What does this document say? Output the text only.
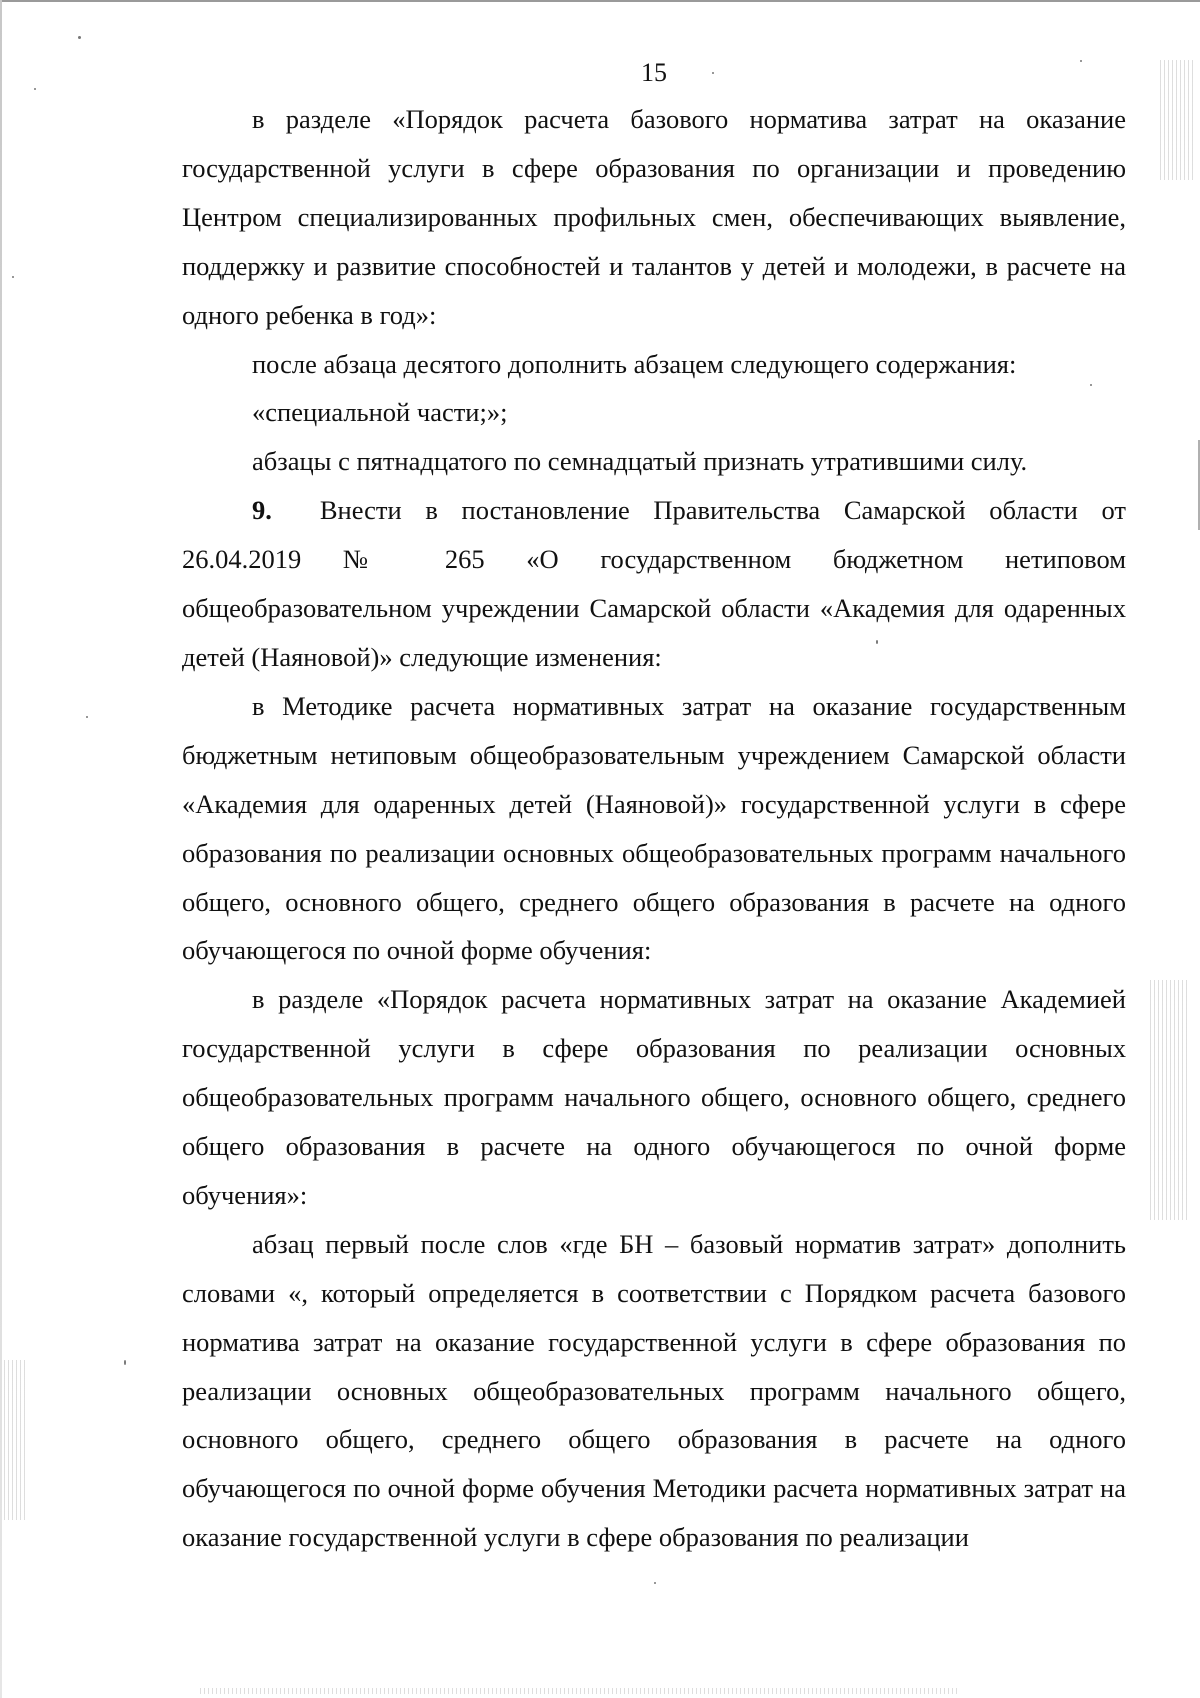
15

в разделе «Порядок расчета базового норматива затрат на оказание государственной услуги в сфере образования по организации и проведению Центром специализированных профильных смен, обеспечивающих выявление, поддержку и развитие способностей и талантов у детей и молодежи, в расчете на одного ребенка в год»:

после абзаца десятого дополнить абзацем следующего содержания:

«специальной части;»;

абзацы с пятнадцатого по семнадцатый признать утратившими силу.

9. Внести в постановление Правительства Самарской области от 26.04.2019 № 265 «О государственном бюджетном нетиповом общеобразовательном учреждении Самарской области «Академия для одаренных детей (Наяновой)» следующие изменения:

в Методике расчета нормативных затрат на оказание государственным бюджетным нетиповым общеобразовательным учреждением Самарской области «Академия для одаренных детей (Наяновой)» государственной услуги в сфере образования по реализации основных общеобразовательных программ начального общего, основного общего, среднего общего образования в расчете на одного обучающегося по очной форме обучения:

в разделе «Порядок расчета нормативных затрат на оказание Академией государственной услуги в сфере образования по реализации основных общеобразовательных программ начального общего, основного общего, среднего общего образования в расчете на одного обучающегося по очной форме обучения»:

абзац первый после слов «где БН – базовый норматив затрат» дополнить словами «, который определяется в соответствии с Порядком расчета базового норматива затрат на оказание государственной услуги в сфере образования по реализации основных общеобразовательных программ начального общего, основного общего, среднего общего образования в расчете на одного обучающегося по очной форме обучения Методики расчета нормативных затрат на оказание государственной услуги в сфере образования по реализации
